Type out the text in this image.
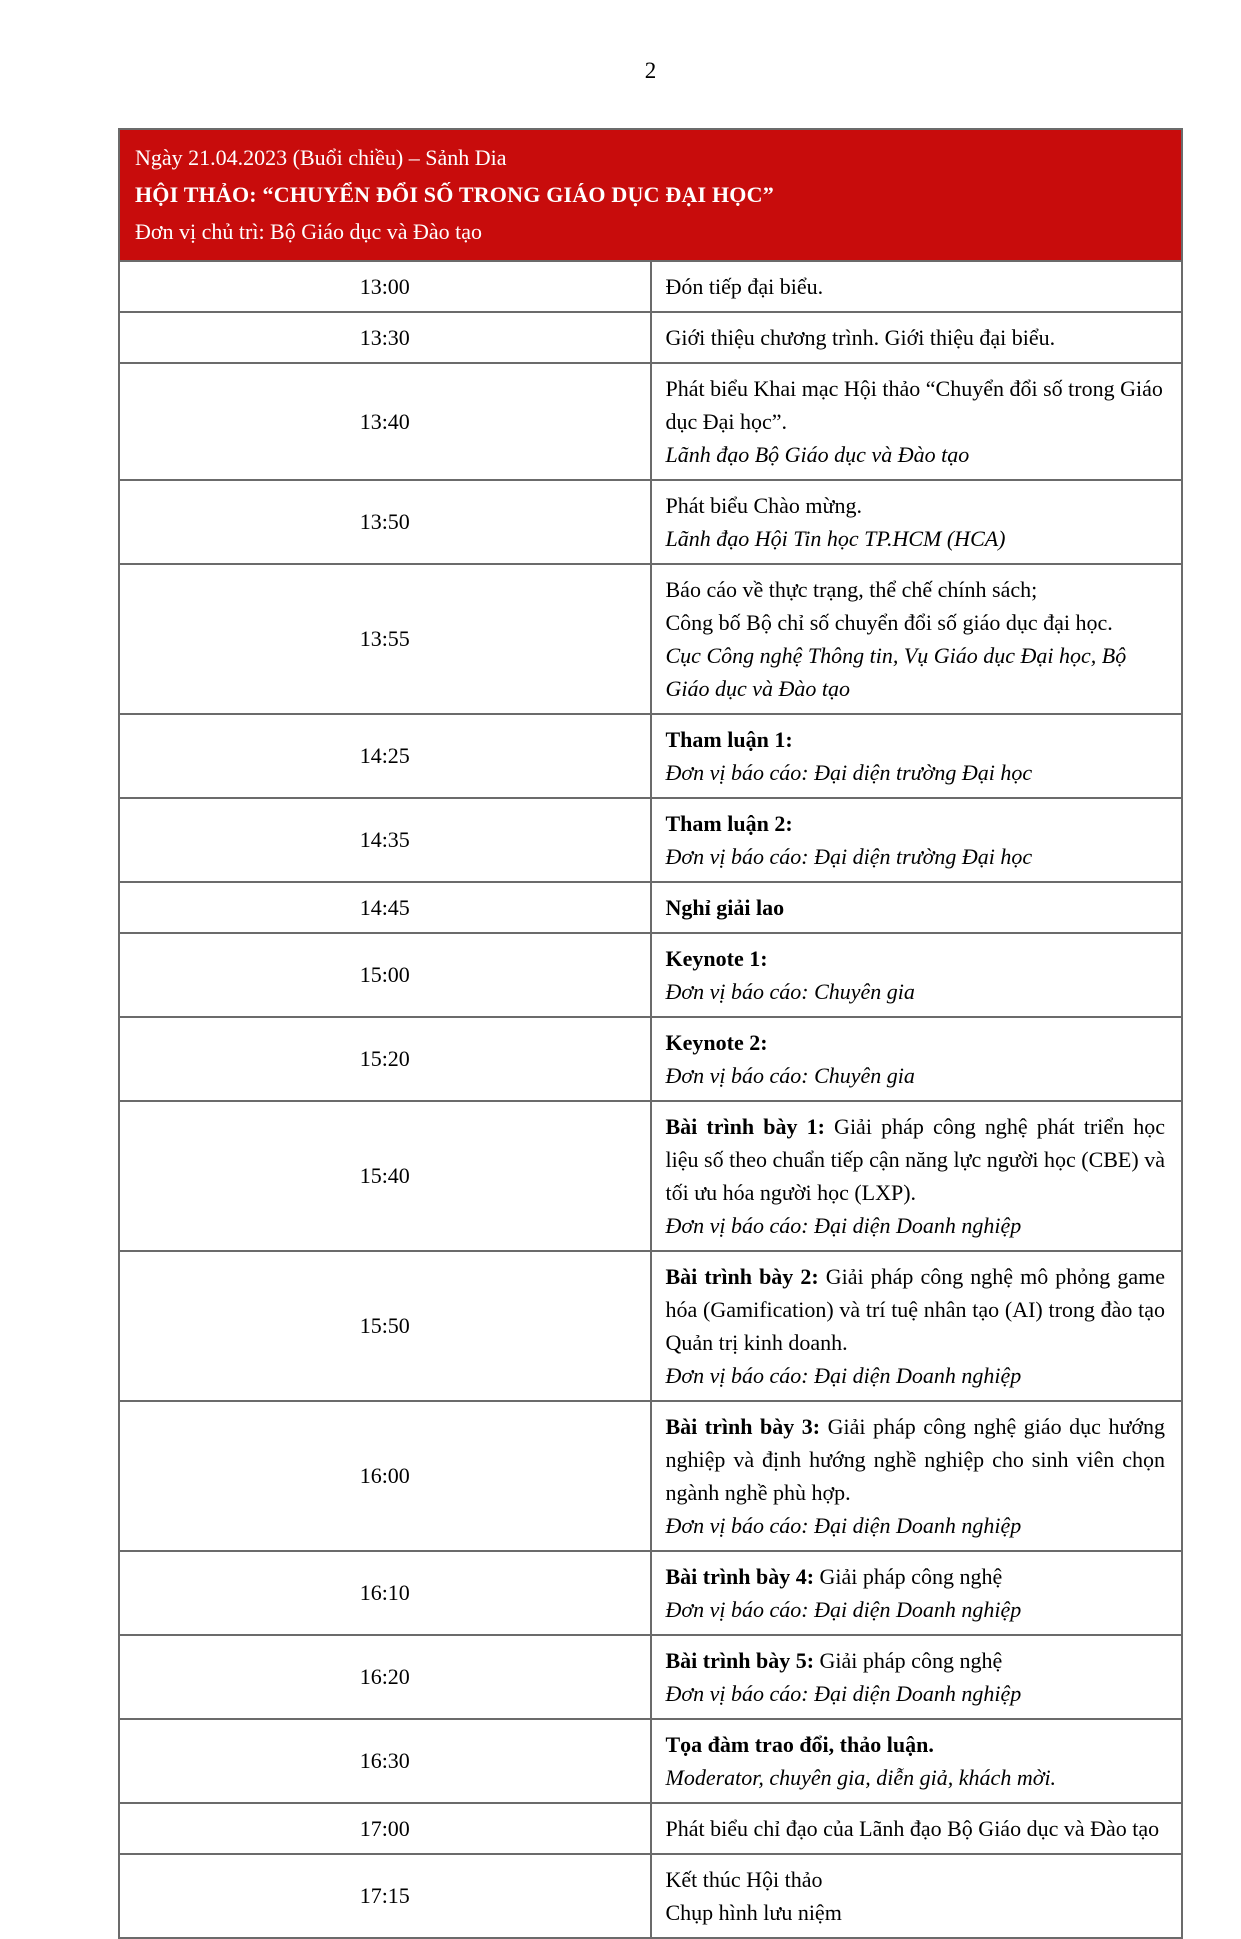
2
Ngày 21.04.2023 (Buổi chiều) – Sảnh Dia
HỘI THẢO: “CHUYỂN ĐỔI SỐ TRONG GIÁO DỤC ĐẠI HỌC”
Đơn vị chủ trì: Bộ Giáo dục và Đào tạo	

13:00	Đón tiếp đại biểu.

13:30	Giới thiệu chương trình. Giới thiệu đại biểu.

13:40	Phát biểu Khai mạc Hội thảo “Chuyển đổi số trong Giáo dục Đại học”.
Lãnh đạo Bộ Giáo dục và Đào tạo

13:50	Phát biểu Chào mừng.
Lãnh đạo Hội Tin học TP.HCM (HCA)

13:55	Báo cáo về thực trạng, thể chế chính sách;
Công bố Bộ chỉ số chuyển đổi số giáo dục đại học.
Cục Công nghệ Thông tin, Vụ Giáo dục Đại học, Bộ Giáo dục và Đào tạo

14:25	Tham luận 1:
Đơn vị báo cáo: Đại diện trường Đại học

14:35	Tham luận 2:
Đơn vị báo cáo: Đại diện trường Đại học

14:45	Nghỉ giải lao

15:00	Keynote 1:
Đơn vị báo cáo: Chuyên gia

15:20	Keynote 2:
Đơn vị báo cáo: Chuyên gia

15:40	Bài trình bày 1: Giải pháp công nghệ phát triển học liệu số theo chuẩn tiếp cận năng lực người học (CBE) và tối ưu hóa người học (LXP).
Đơn vị báo cáo: Đại diện Doanh nghiệp

15:50	Bài trình bày 2: Giải pháp công nghệ mô phỏng game hóa (Gamification) và trí tuệ nhân tạo (AI) trong đào tạo Quản trị kinh doanh.
Đơn vị báo cáo: Đại diện Doanh nghiệp

16:00	Bài trình bày 3: Giải pháp công nghệ giáo dục hướng nghiệp và định hướng nghề nghiệp cho sinh viên chọn ngành nghề phù hợp.
Đơn vị báo cáo: Đại diện Doanh nghiệp

16:10	Bài trình bày 4: Giải pháp công nghệ
Đơn vị báo cáo: Đại diện Doanh nghiệp

16:20	Bài trình bày 5: Giải pháp công nghệ
Đơn vị báo cáo: Đại diện Doanh nghiệp

16:30	Tọa đàm trao đổi, thảo luận.
Moderator, chuyên gia, diễn giả, khách mời.

17:00	Phát biểu chỉ đạo của Lãnh đạo Bộ Giáo dục và Đào tạo

17:15	Kết thúc Hội thảo
Chụp hình lưu niệm
